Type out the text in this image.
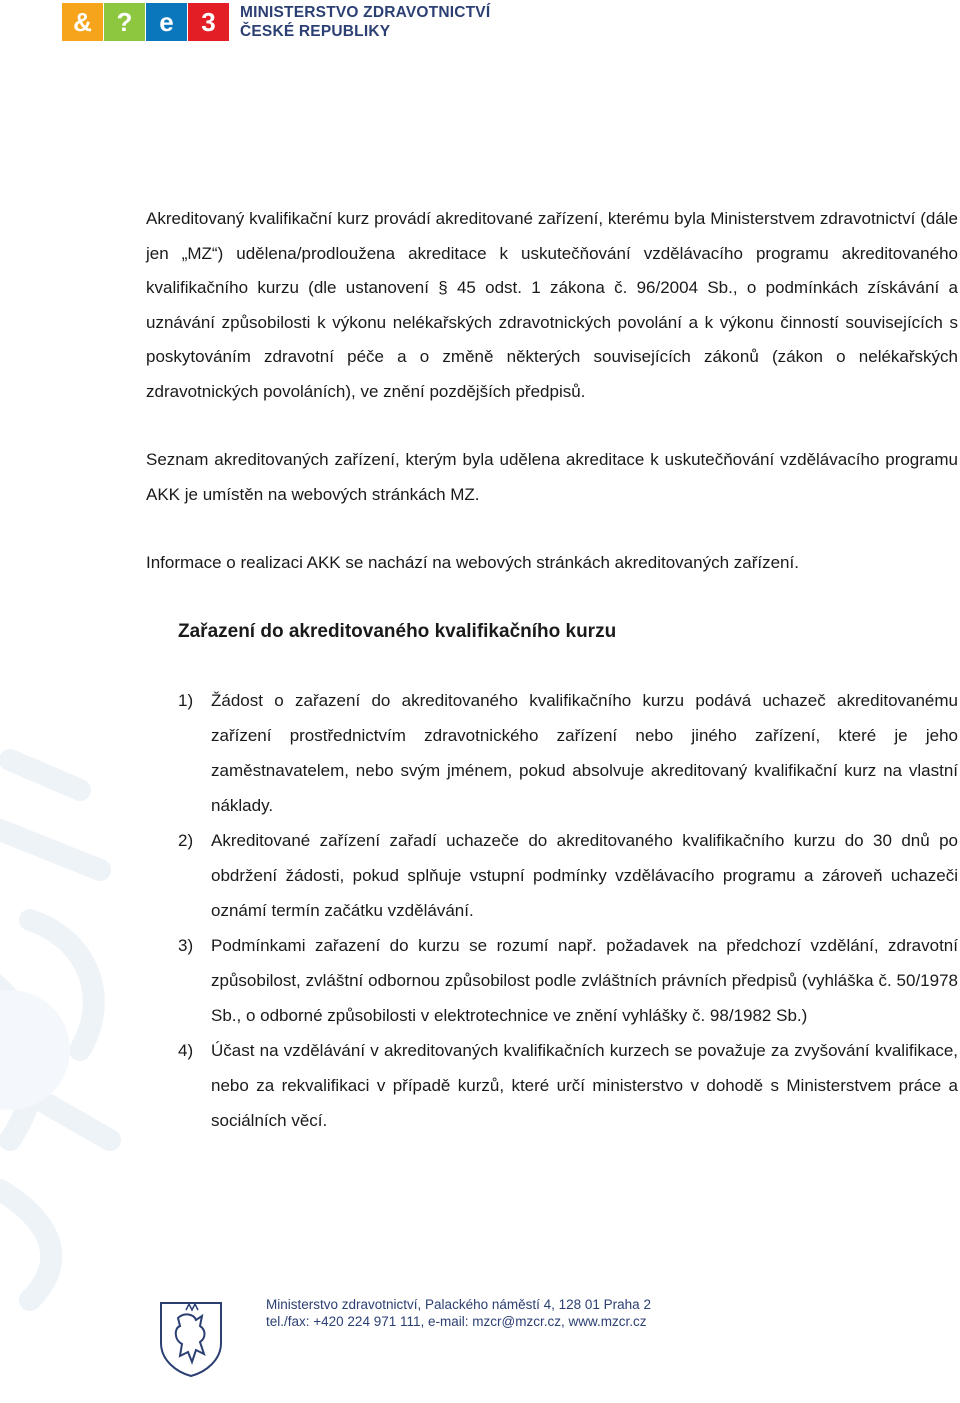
& ? e 3 MINISTERSTVO ZDRAVOTNICTVÍ
ČESKÉ REPUBLIKY

Akreditovaný kvalifikační kurz provádí akreditované zařízení, kterému byla Ministerstvem zdravotnictví (dále jen „MZ“) udělena/prodloužena akreditace k uskutečňování vzdělávacího programu akreditovaného kvalifikačního kurzu (dle ustanovení § 45 odst. 1 zákona č. 96/2004 Sb., o podmínkách získávání a uznávání způsobilosti k výkonu nelékařských zdravotnických povolání a k výkonu činností souvisejících s poskytováním zdravotní péče a o změně některých souvisejících zákonů (zákon o nelékařských zdravotnických povoláních), ve znění pozdějších předpisů.

Seznam akreditovaných zařízení, kterým byla udělena akreditace k uskutečňování vzdělávacího programu AKK je umístěn na webových stránkách MZ.

Informace o realizaci AKK se nachází na webových stránkách akreditovaných zařízení.

Zařazení do akreditovaného kvalifikačního kurzu
1) Žádost o zařazení do akreditovaného kvalifikačního kurzu podává uchazeč akreditovanému zařízení prostřednictvím zdravotnického zařízení nebo jiného zařízení, které je jeho zaměstnavatelem, nebo svým jménem, pokud absolvuje akreditovaný kvalifikační kurz na vlastní náklady.
2) Akreditované zařízení zařadí uchazeče do akreditovaného kvalifikačního kurzu do 30 dnů po obdržení žádosti, pokud splňuje vstupní podmínky vzdělávacího programu a zároveň uchazeči oznámí termín začátku vzdělávání.
3) Podmínkami zařazení do kurzu se rozumí např. požadavek na předchozí vzdělání, zdravotní způsobilost, zvláštní odbornou způsobilost podle zvláštních právních předpisů (vyhláška č. 50/1978 Sb., o odborné způsobilosti v elektrotechnice ve znění vyhlášky č. 98/1982 Sb.)
4) Účast na vzdělávání v akreditovaných kvalifikačních kurzech se považuje za zvyšování kvalifikace, nebo za rekvalifikaci v případě kurzů, které určí ministerstvo v dohodě s Ministerstvem práce a sociálních věcí.
Ministerstvo zdravotnictví, Palackého náměstí 4, 128 01 Praha 2
tel./fax: +420 224 971 111, e-mail: mzcr@mzcr.cz, www.mzcr.cz
